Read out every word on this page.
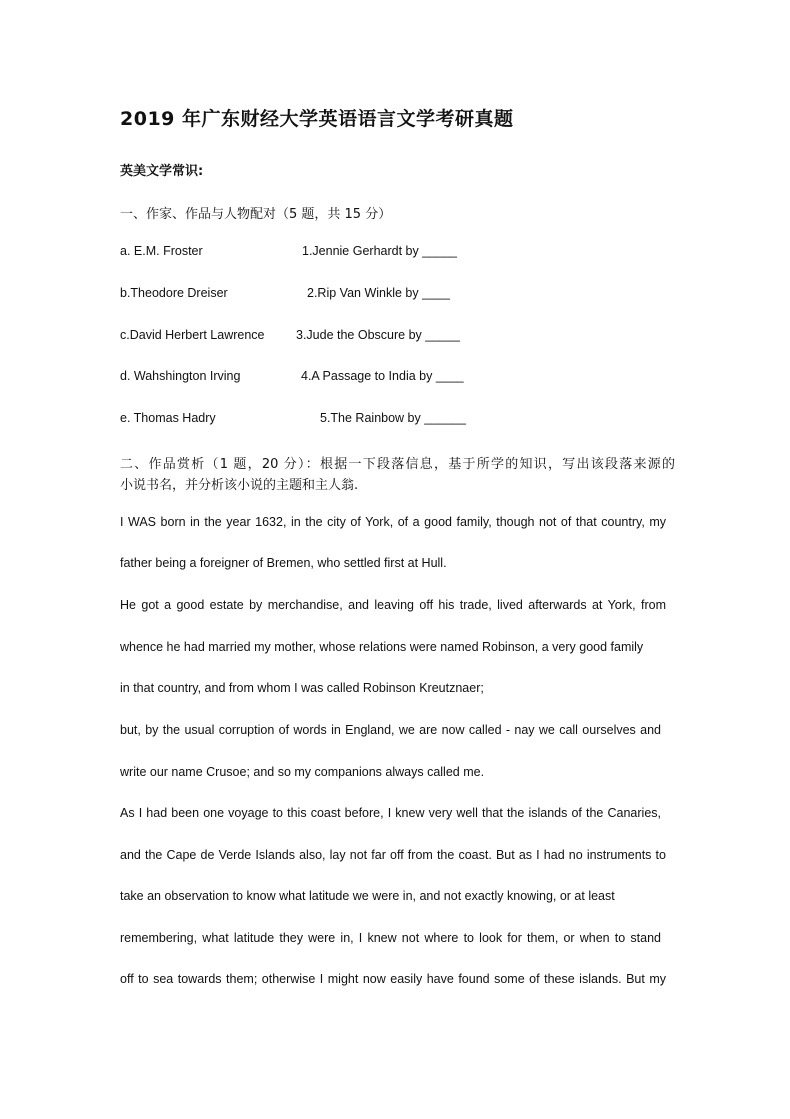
2019 年广东财经大学英语语言文学考研真题
英美文学常识:
一、作家、作品与人物配对（5 题，共 15 分）
a. E.M. Froster	1.Jennie Gerhardt by _____
b.Theodore Dreiser	2.Rip Van Winkle by ____
c.David Herbert Lawrence	3.Jude the Obscure by _____
d. Wahshington Irving	4.A Passage to India by ____
e. Thomas Hadry	5.The Rainbow by ______
二、作品赏析（1 题，20 分）：根据一下段落信息，基于所学的知识，写出该段落来源的
小说书名，并分析该小说的主题和主人翁.
I WAS born in the year 1632, in the city of York, of a good family, though not of that country, my
father being a foreigner of Bremen, who settled first at Hull.
He got a good estate by merchandise, and leaving off his trade, lived afterwards at York, from
whence he had married my mother, whose relations were named Robinson, a very good family
in that country, and from whom I was called Robinson Kreutznaer;
but, by the usual corruption of words in England, we are now called - nay we call ourselves and
write our name Crusoe; and so my companions always called me.
As I had been one voyage to this coast before, I knew very well that the islands of the Canaries,
and the Cape de Verde Islands also, lay not far off from the coast. But as I had no instruments to
take an observation to know what latitude we were in, and not exactly knowing, or at least
remembering, what latitude they were in, I knew not where to look for them, or when to stand
off to sea towards them; otherwise I might now easily have found some of these islands. But my
